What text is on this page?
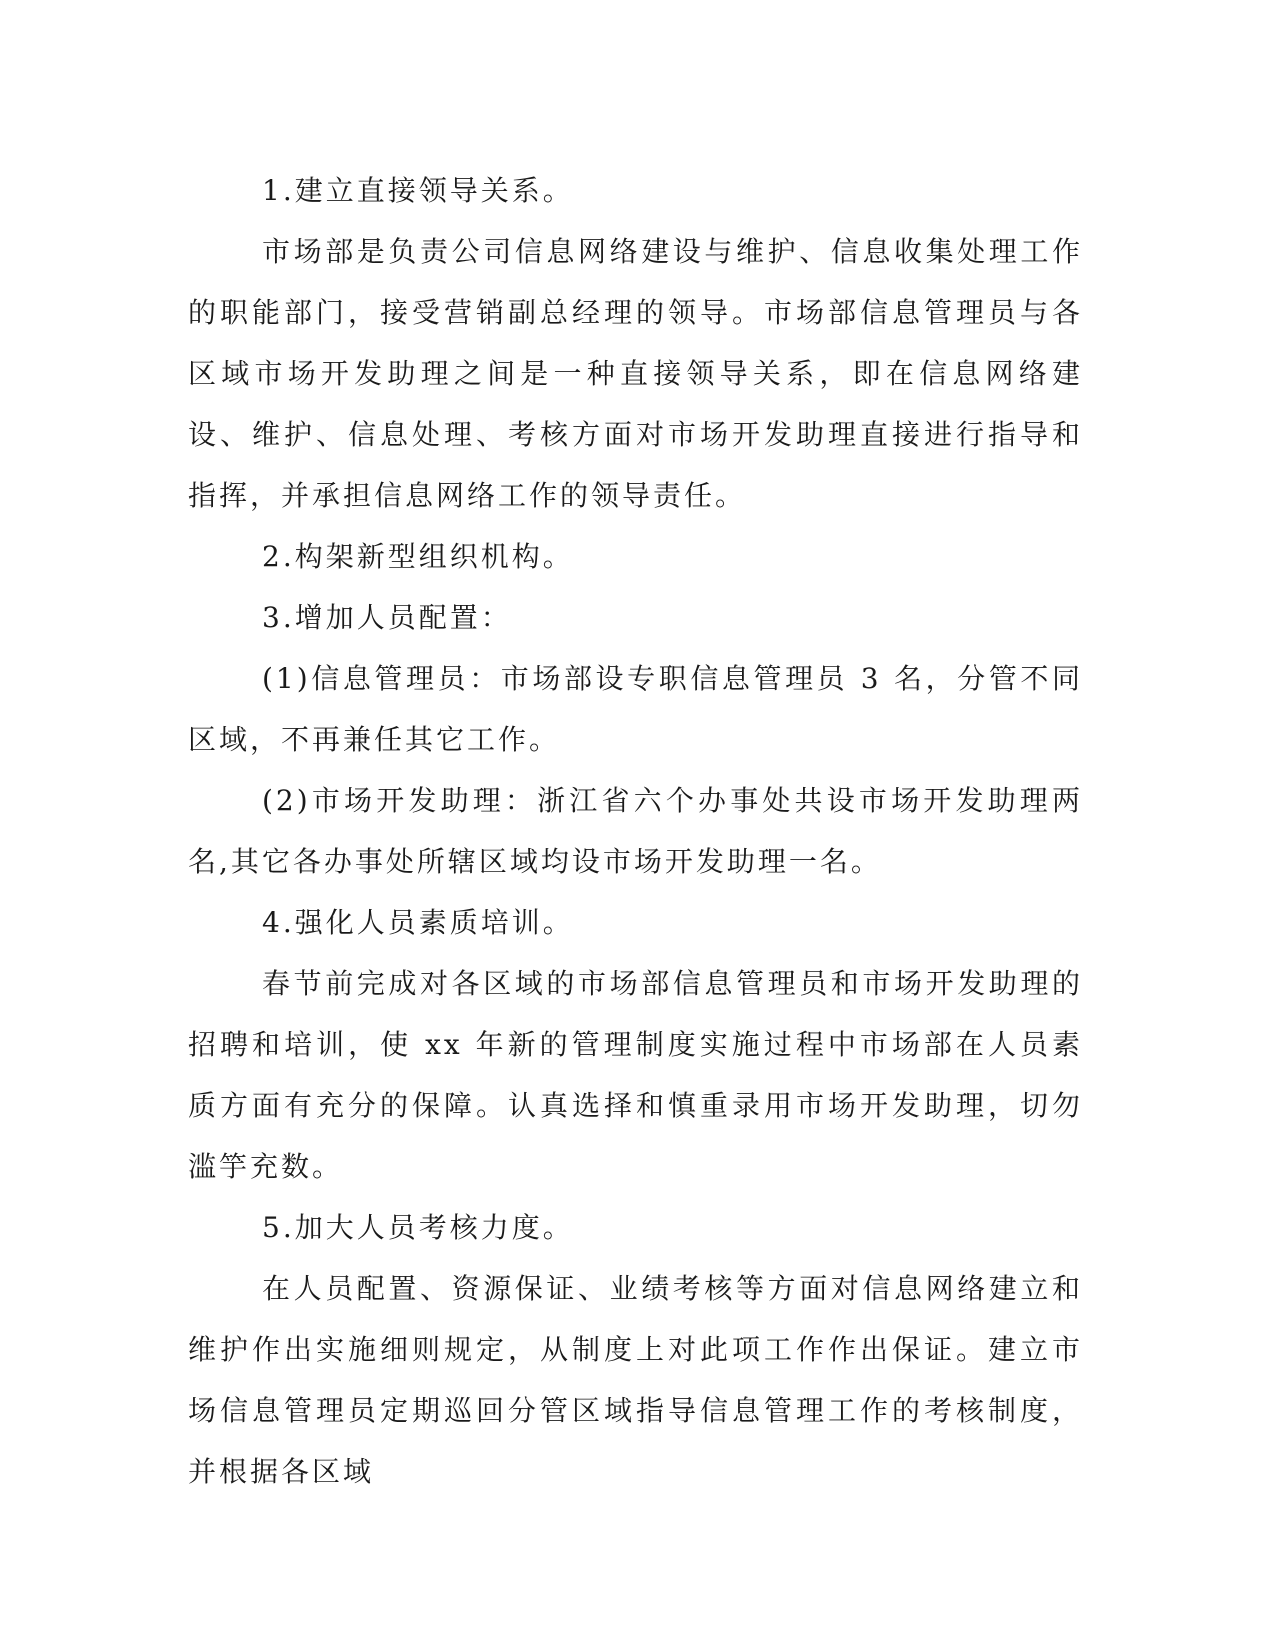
1.建立直接领导关系。

市场部是负责公司信息网络建设与维护、信息收集处理工作的职能部门，接受营销副总经理的领导。市场部信息管理员与各区域市场开发助理之间是一种直接领导关系，即在信息网络建设、维护、信息处理、考核方面对市场开发助理直接进行指导和指挥，并承担信息网络工作的领导责任。

2.构架新型组织机构。

3.增加人员配置：

(1)信息管理员：市场部设专职信息管理员 3 名，分管不同区域，不再兼任其它工作。

(2)市场开发助理：浙江省六个办事处共设市场开发助理两名,其它各办事处所辖区域均设市场开发助理一名。

4.强化人员素质培训。

春节前完成对各区域的市场部信息管理员和市场开发助理的招聘和培训，使 xx 年新的管理制度实施过程中市场部在人员素质方面有充分的保障。认真选择和慎重录用市场开发助理，切勿滥竽充数。

5.加大人员考核力度。

在人员配置、资源保证、业绩考核等方面对信息网络建立和维护作出实施细则规定，从制度上对此项工作作出保证。建立市场信息管理员定期巡回分管区域指导信息管理工作的考核制度，并根据各区域
